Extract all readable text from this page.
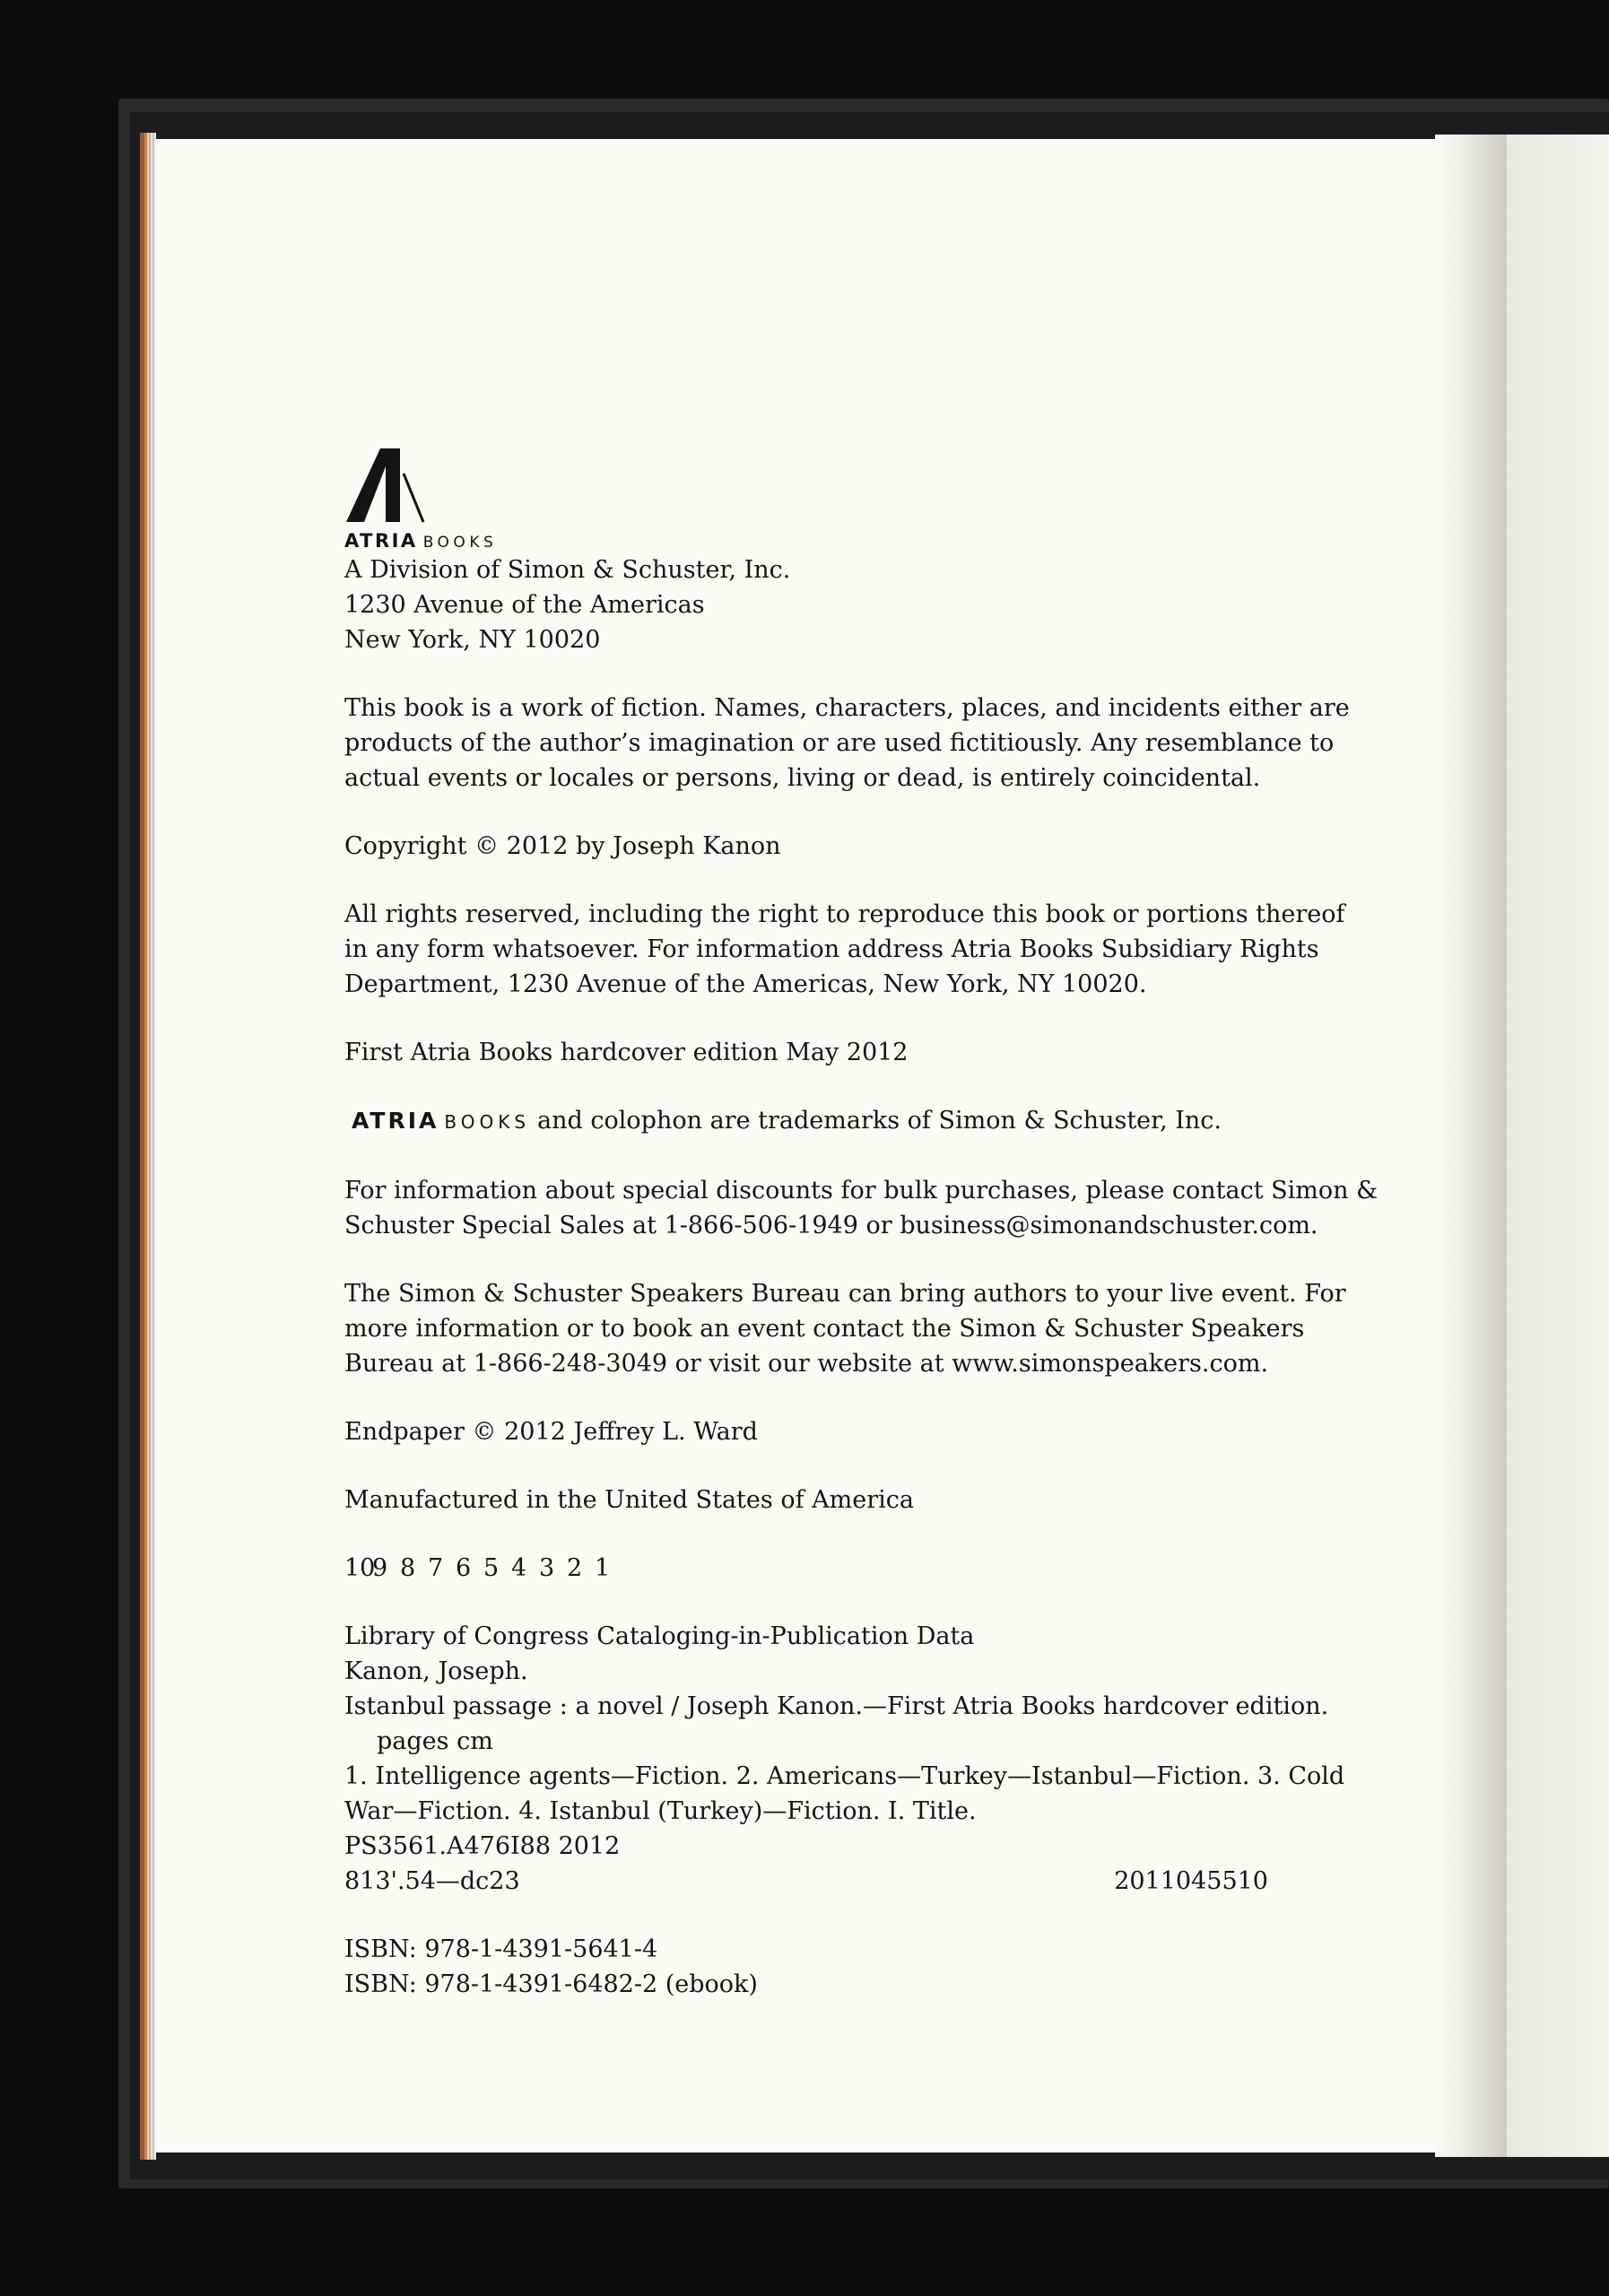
ATRIA BOOKS
A Division of Simon & Schuster, Inc.
1230 Avenue of the Americas
New York, NY 10020
This book is a work of fiction. Names, characters, places, and incidents either are
products of the author’s imagination or are used fictitiously. Any resemblance to
actual events or locales or persons, living or dead, is entirely coincidental.
Copyright © 2012 by Joseph Kanon
All rights reserved, including the right to reproduce this book or portions thereof
in any form whatsoever. For information address Atria Books Subsidiary Rights
Department, 1230 Avenue of the Americas, New York, NY 10020.
First Atria Books hardcover edition May 2012
ATRIA BOOKS and colophon are trademarks of Simon & Schuster, Inc.
For information about special discounts for bulk purchases, please contact Simon &
Schuster Special Sales at 1-866-506-1949 or business@simonandschuster.com.
The Simon & Schuster Speakers Bureau can bring authors to your live event. For
more information or to book an event contact the Simon & Schuster Speakers
Bureau at 1-866-248-3049 or visit our website at www.simonspeakers.com.
Endpaper © 2012 Jeffrey L. Ward
Manufactured in the United States of America
10
9 8 7 6 5 4 3 2 1
Library of Congress Cataloging-in-Publication Data
Kanon, Joseph.
Istanbul passage : a novel / Joseph Kanon.—First Atria Books hardcover edition.
pages cm
1. Intelligence agents—Fiction. 2. Americans—Turkey—Istanbul—Fiction. 3. Cold
War—Fiction. 4. Istanbul (Turkey)—Fiction. I. Title.
PS3561.A476I88 2012
813'.54—dc23	2011045510
ISBN: 978-1-4391-5641-4
ISBN: 978-1-4391-6482-2 (ebook)
